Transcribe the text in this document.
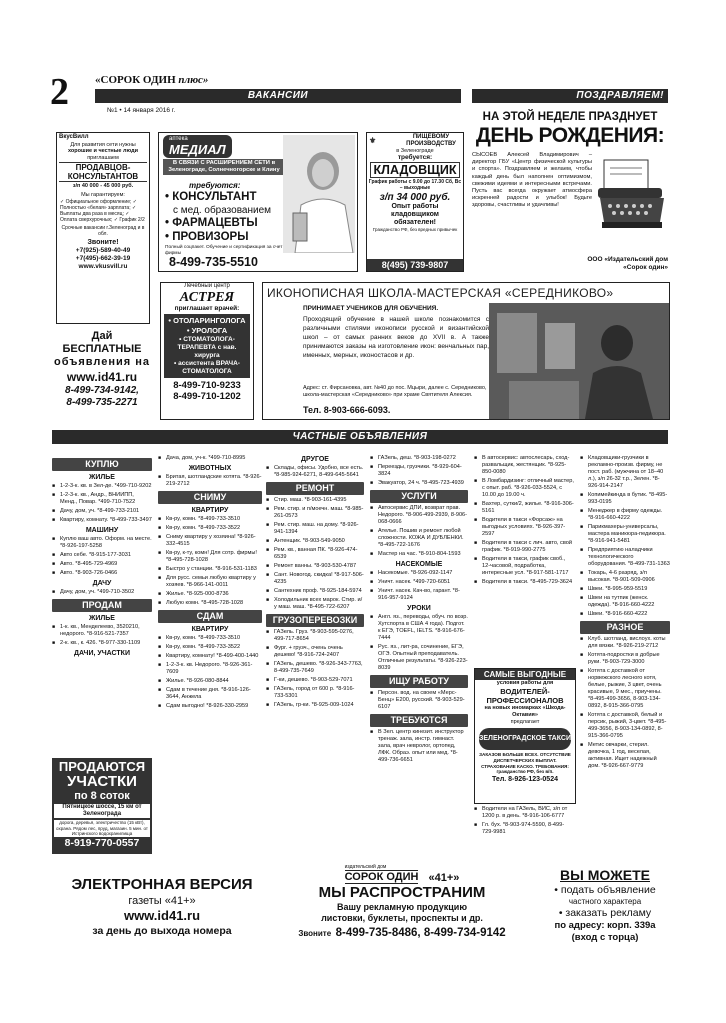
2 «СОРОК ОДИН плюс»
ВАКАНСИИ	ПОЗДРАВЛЯЕМ!
№1 • 14 января 2016 г.
НА ЭТОЙ НЕДЕЛЕ ПРАЗДНУЕТ
ДЕНЬ РОЖДЕНИЯ:
СЫСОЕВ Алексей Владимирович – директор ГБУ «Центр физической культуры и спорта». Поздравляем и желаем, чтобы каждый день был наполнен оптимизмом, свежими идеями и интересными встречами. Пусть вас всегда окружает атмосфера искренней радости и улыбок! Будьте здоровы, счастливы и удачливы!
ООО «Издательский дом «Сорок один»
ВкусВилл
Для развития сети нужны
хорошие и честные люди
приглашаем
ПРОДАВЦОВ-КОНСУЛЬТАНТОВ
з/п 40 000 - 45 000 руб.
Мы гарантируем:
✓ Официальное оформление; ✓ Полностью «белая» зарплата; ✓ Выплаты два раза в месяц; ✓ Оплата сверхурочных; ✓ График 2/2
Срочные вакансии г.Зеленоград и в обл.
Звоните!
+7(925)-589-40-49
+7(495)-662-39-19
www.vkusvill.ru
аптека
МЕДИАЛ
В СВЯЗИ С РАСШИРЕНИЕМ СЕТИ в Зеленограде, Солнечногорске и Клину
требуются:
• КОНСУЛЬТАНТ
с мед. образованием
• ФАРМАЦЕВТЫ
• ПРОВИЗОРЫ
Полный соцпакет. Обучение и сертификация за счет фирмы
8-499-735-5510
⚜	ПИЩЕВОМУ ПРОИЗВОДСТВУ
в Зеленограде
требуется:
КЛАДОВЩИК
График работы с 9.00 до 17.30 Сб, Вс – выходные
з/п 34 000 руб.
Опыт работы кладовщиком обязателен!
Гражданство РФ, без вредных привычек
8(495) 739-9807
Дай БЕСПЛАТНЫЕ
объявления на
www.id41.ru
8-499-734-9142,
8-499-735-2271
Лечебный центр
АСТРЕЯ
приглашает врачей:
• ОТОЛАРИНГОЛОГА
• УРОЛОГА
• СТОМАТОЛОГА-ТЕРАПЕВТА с нав. хирурга
• ассистента ВРАЧА-СТОМАТОЛОГА
8-499-710-9233
8-499-710-1202
ИКОНОПИСНАЯ ШКОЛА-МАСТЕРСКАЯ «СЕРЕДНИКОВО»
ПРИНИМАЕТ УЧЕНИКОВ ДЛЯ ОБУЧЕНИЯ.
Проходящий обучение в нашей школе познакомится с различными стилями иконописи русской и византийской школ – от самых ранних веков до XVII в. А также принимаются заказы на изготовление икон: венчальных пар, именных, мерных, иконостасов и др.
Адрес: ст. Фирсановка, авт. №40 до пос. Мцыри, далее с. Середниково, школа-мастерская «Середниково» при храме Святителя Алексия.
Тел. 8-903-666-6093.
ЧАСТНЫЕ ОБЪЯВЛЕНИЯ
КУПЛЮ
ЖИЛЬЕ
■ 1-2-3-к. кв. в Зел-де. *499-710-9202
■ 1-2-3-к. кв., Андр., ВНИИПП, Менд., Повар. *499-710-7522
■ Дачу, дом, уч. *8-499-733-2101
■ Квартиру, комнату. *8-499-733-3497
МАШИНУ
■ Куплю ваш авто. Оформ. на месте. *8-926-197-5258
■ Авто себе. *8-915-177-3031
■ Авто. *8-495-729-4969
■ Авто. *8-903-726-0466
ДАЧУ
■ Дачу, дом, уч. *499-710-3502
ПРОДАМ
ЖИЛЬЕ
■ 1-к. кв., Менделеево, 3520210, недорого. *8-916-521-7357
■ 2-к. кв., к. 426. *8-977-330-1109
ДАЧИ, УЧАСТКИ
■ Дача, дом, уч-к. *499-710-8995
ЖИВОТНЫХ
■ Бритая, шотландские котята. *8-926-219-2712
СНИМУ
КВАРТИРУ
■ Кв-ру, комн. *8-499-733-3510
■ Кв-ру, комн. *8-499-733-3522
■ Сниму квартиру у хозяина! *8-926-332-4515
■ Кв-ру, к-ту, комн! Для сотр. фирмы! *8-495-728-1028
■ Быстро у станции. *8-916-531-1183
■ Для русс. семьи любую квартиру у хозяев. *8-966-141-0011
■ Жилье. *8-925-000-8736
■ Любую комн. *8-495-728-1028
СДАМ
КВАРТИРУ
■ Кв-ру, комн. *8-499-733-3510
■ Кв-ру, комн. *8-499-733-3522
■ Квартиру, комнату! *8-499-400-1440
■ 1-2-3-к. кв. Недорого. *8-926-361-7609
■ Жилье. *8-926-080-8844
■ Сдам в течение дня. *8-916-126-3644, Анжела
■ Сдам выгодно! *8-926-330-2959
ДРУГОЕ
■ Склады, офисы. Удобно, все есть. *8-985-924-6271, 8-499-645-5641
РЕМОНТ
■ Стир. маш. *8-903-161-4395
■ Рем. стир. и п/моечн. маш. *8-985-261-0573
■ Рем. стир. маш. на дому. *8-926-941-1394
■ Антенщик. *8-903-549-9050
■ Рем. кв., ванная ПК. *8-926-474-6539
■ Ремонт ванны. *8-903-530-4787
■ Сант. Новогод. скидка! *8-917-506-4235
■ Сантехник проф. *8-925-184-5974
■ Холодильник всех марок. Стир. и/у маш. маш. *8-495-722-6207
ГРУЗОПЕРЕВОЗКИ
■ ГАЗель. Груз. *8-903-595-0276, 499-717-8654
■ Фург. + грузч., очень очень дешево! *8-916-724-2407
■ ГАЗель, дешево. *8-926-343-7763, 8-499-735-7649
■ Г-ки, дешево. *8-903-529-7071
■ ГАЗель, город от 600 р. *8-916-733-5301
■ ГАЗель, гр-ки. *8-925-009-1024
■ ГАЗель, деш. *8-903-198-0272
■ Переезды, грузчики. *8-929-604-3824
■ Эвакуатор, 24 ч. *8-495-723-4939
УСЛУГИ
■ Автосервис ДПИ, возврат прав. Недорого. *8-906-499-2939, 8-906-068-0666
■ Ателье. Пошив и ремонт любой сложности. КОЖА И ДУБЛЕНКИ. *8-495-722-1676
■ Мастер на час. *8-910-804-1593
НАСЕКОМЫЕ
■ Насекомые. *8-926-092-1147
■ Уничт. насек. *499-720-6051
■ Уничт. насек. Кач-во, гарант. *8-916-957-9124
УРОКИ
■ Англ. яз., переводы, обуч. по возр. Хутспорта в США 4 года). Подгот. к ЕГЭ, TOEFL, IELTS. *8-916-676-7444
■ Рус. яз., лит-ра, сочинение, ЕГЭ, ОГЭ. Опытный преподаватель. Отличные результаты. *8-926-223-8039
ИЩУ РАБОТУ
■ Персон. вод. на своем «Мерс-Бенц» E200, русский. *8-903-529-6107
ТРЕБУЮТСЯ
■ В Зел. центр кинезит. инструктор тренаж. зала, инстр. гимнаст. зала, врач невролог, ортопед, ЛФК. Обраэ. опыт или мед. *8-499-736-6651
■ В автосервис: автослесарь, сход-развальщик, жестянщик. *8-925-850-0080
■ В Ломбардизинг: отличный мастер, с опыт. раб. *8-926-033-5524, с 10.00 до 19.00 ч.
■ Вахтер, сутки/2, жилье. *8-916-306-5161
■ Водители в такси «Форсаж» на выгодных условиях. *8-926-397-2597
■ Водители в такси с лич. авто, свой график. *8-919-990-2775
■ Водители в такси, график своб., 12-часовой, подработка, интересные усл. *8-917-581-1717
■ Водители в такси. *8-495-729-3624
■ Кладовщики-грузчики в рекламно-произв. фирму, не пост. раб. (мужчина от 18–40 л.), з/п 26-32 т.р., Зелен. *8-926-914-2147
■ Копимейкинда в бутик. *8-495-993-0195
■ Менеджер в фирму одежды. *8-916-660-4222
■ Парикмахеры-универсалы, мастера маникюра-педикюра. *8-916-941-5481
■ Предприятию наладчики технологического оборудования. *8-499-731-1363
■ Токарь, 4-6 разряд, з/п высокая. *8-901-509-0906
■ Швеи. *8-995-959-5519
■ Швеи на тутпик (женск. одежда). *8-916-660-4222
■ Швеи. *8-916-660-4222
РАЗНОЕ
■ Клуб. шотланд. вислоух. коты для вязки. *8-926-219-2712
■ Котята-подростки в добрые руки. *8-903-729-3000
■ Котята с доставкой от норвежского лесного котя, белые, рыжие, 3 цвет, очень красивые, 9 мес., приучены. *8-495-499-3656, 8-903-134-0892, 8-915-366-0795
■ Котята с доставкой, белый и персик, рыжий, 3-цвет. *8-495-499-3656, 8-903-134-0892, 8-915-366-0795
■ Метис овчарки, стерил. девочка, 1 год, веселая, активная. Ищет надежный дом. *8-926-667-9779
ПРОДАЮТСЯ
УЧАСТКИ
по 8 соток
Пятницкое шоссе, 15 км от Зеленограда
дорога, деревья, электричество (15 кВт), охрана. Рядом лес, пруд, магазин. 5 мин. от Истринского водохранилища
8-919-770-0557
САМЫЕ ВЫГОДНЫЕ
условия работы для
ВОДИТЕЛЕЙ-ПРОФЕССИОНАЛОВ
на новых иномарках «Шкода-Октавия»
предлагает
ЗЕЛЕНОГРАДСКОЕ ТАКСИ
ЗАКАЗОВ БОЛЬШЕ ВСЕХ. ОТСУТСТВИЕ ДИСПЕТЧЕРСКИХ ВЫПЛАТ. СТРАХОВАНИЕ КАСКО. ТРЕБОВАНИЯ: гражданство РФ, без в/п.
Тел. 8-926-123-0524
■ Водители на ГАЗель, ВИС, з/п от 1200 р. в день. *8-916-106-6777
■ Гл. бух. *8-903-974-5590, 8-499-729-9981
ЭЛЕКТРОННАЯ ВЕРСИЯ
газеты «41+»
www.id41.ru
за день до выхода номера
издательский дом
СОРОК ОДИН «41+»
МЫ РАСПРОСТРАНИМ
Вашу рекламную продукцию
листовки, буклеты, проспекты и др.
Звоните 8-499-735-8486, 8-499-734-9142
ВЫ МОЖЕТЕ
• подать объявление
частного характера
• заказать рекламу
по адресу: корп. 339а
(вход с торца)
